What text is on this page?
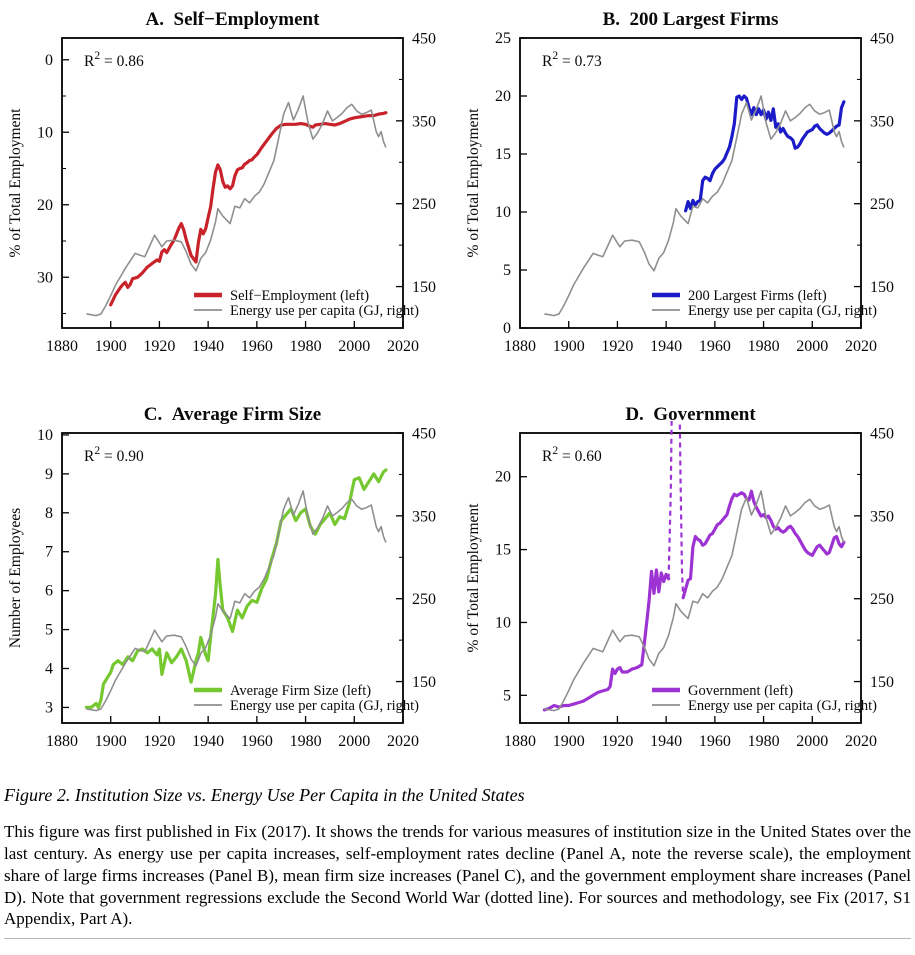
1880 1900 1920 1940 1960 1980 2000 2020
0
10
20
30
450
350
250
150
A.  Self−Employment
% of Total Employment
$R^2 = 0.86$
Self−Employment (left)
Energy use per capita (GJ, right)
1880 1900 1920 1940 1960 1980 2000 2020
0
5
10
15
20
25	450
350
250
150
B.  200 Largest Firms
% of Total Employment
$R^2 = 0.73$
200 Largest Firms (left)
Energy use per capita (GJ, right)
1880 1900 1920 1940 1960 1980 2000 2020
3
4
5
6
7
8
9
10	450
350
250
150
C.  Average Firm Size
Number of Employees
$R^2 = 0.90$
Average Firm Size (left)
Energy use per capita (GJ, right)
1880 1900 1920 1940 1960 1980 2000 2020
5
10
15
20
450
350
250
150
D.  Government
% of Total Employment
$R^2 = 0.60$
Government (left)
Energy use per capita (GJ, right)

Figure 2. Institution Size vs. Energy Use Per Capita in the United States

This figure was first published in Fix (2017). It shows the trends for various measures of institution size in the United States over the last century. As energy use per capita increases, self-employment rates decline (Panel A, note the reverse scale), the employment share of large firms increases (Panel B), mean firm size increases (Panel C), and the government employment share increases (Panel D). Note that government regressions exclude the Second World War (dotted line). For sources and methodology, see Fix (2017, S1 Appendix, Part A).
